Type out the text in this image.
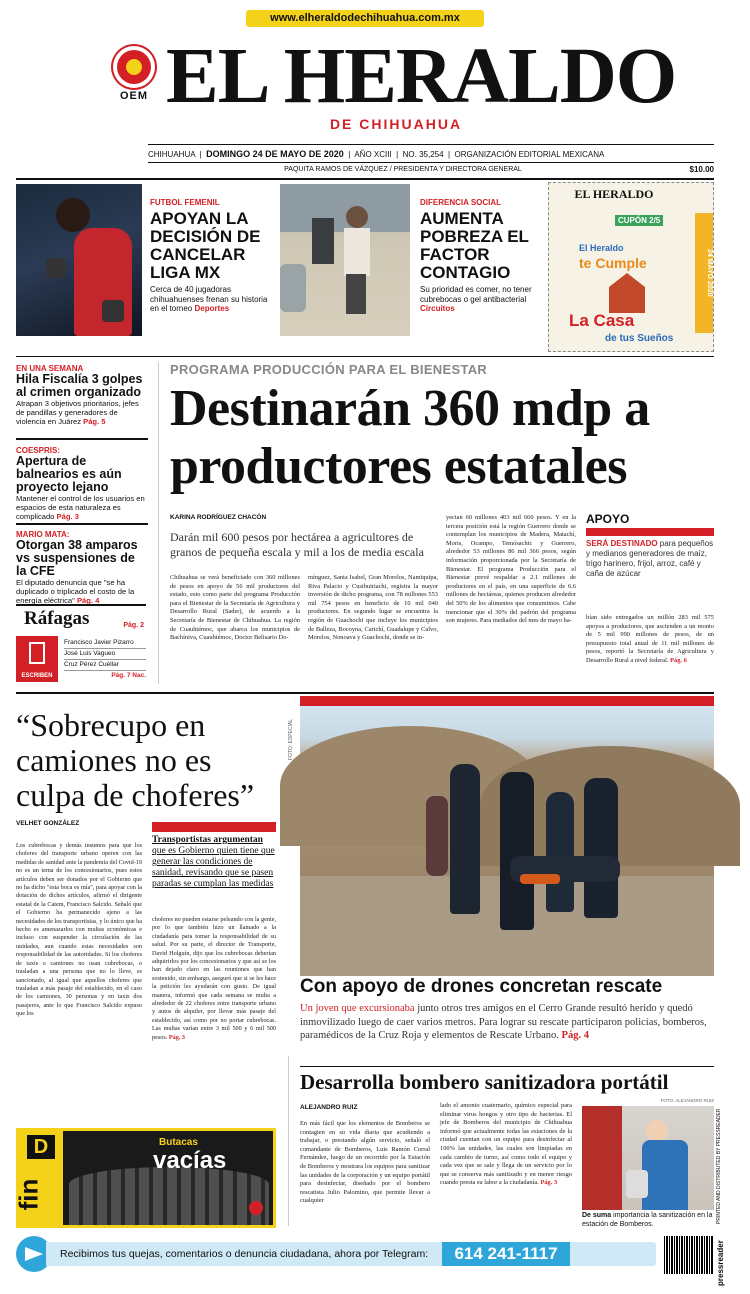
www.elheraldodechihuahua.com.mx
OEM EL HERALDO
DE CHIHUAHUA
CHIHUAHUA  |  DOMINGO 24 DE MAYO DE 2020  |  AÑO XCIII  |  NO. 35,254  |  ORGANIZACIÓN EDITORIAL MEXICANA
PAQUITA RAMOS DE VÁZQUEZ / PRESIDENTA Y DIRECTORA GENERAL	$10.00
FUTBOL FEMENIL
APOYAN LA DECISIÓN DE CANCELAR LIGA MX
Cerca de 40 jugadoras chihuahuenses frenan su historia en el torneo Deportes
DIFERENCIA SOCIAL
AUMENTA POBREZA EL FACTOR CONTAGIO
Su prioridad es comer, no tener cubrebocas o gel antibacterial Circuitos
EL HERALDO
CUPÓN 2/5
El Heraldo
te Cumple
La Casa
de tus Sueños
24 MAYO 2020
EN UNA SEMANA
Hila Fiscalía 3 golpes al crimen organizado
Atrapan 3 objetivos prioritarios, jefes de pandillas y generadores de violencia en Juárez Pág. 5
COESPRIS:
Apertura de balnearios es aún proyecto lejano
Mantener el control de los usuarios en espacios de esta naturaleza es complicado Pág. 3
MARIO MATA:
Otorgan 38 amparos vs suspensiones de la CFE
El diputado denuncia que "se ha duplicado o triplicado el costo de la energía eléctrica" Pág. 4
Ráfagas	Pág. 2
ESCRIBEN
Francisco Javier Pizarro
José Luis Vagueo
Cruz Pérez Cuéllar
Pág. 7 Nac.
PROGRAMA PRODUCCIÓN PARA EL BIENESTAR
Destinarán 360 mdp a productores estatales
KARINA RODRÍGUEZ CHACÓN
Darán mil 600 pesos por hectárea a agricultores de granos de pequeña escala y mil a los de media escala
Chihuahua se verá beneficiado con 360 millones de pesos en apoyo de 56 mil productores del estado, esto como parte del programa Producción para el Bienestar de la Secretaría de Agricultura y Desarrollo Rural (Sader), de acuerdo a la Secretaría de Bienestar de Chihuahua. La región de Cuauhtémoc, que abarca los municipios de Bachíniva, Cuauhtémoc, Doctor Belisario Do-
mínguez, Santa Isabel, Gran Morelos, Namiquipa, Riva Palacio y Cusihuiriachi, registra la mayor inversión de dicho programa, con 78 millones 553 mil 754 pesos en beneficio de 10 mil 040 productores. En segundo lugar se encuentra la región de Guachochi que incluye los municipios de Balleza, Bocoyna, Carichí, Guadalupe y Calvo, Morelos, Nonoava y Guachochi, donde se in-
yectan 60 millones 403 mil 660 pesos. Y en la tercera posición está la región Guerrero donde se contemplan los municipios de Madera, Matachí, Moris, Ocampo, Temósachic y Guerrero, alrededor 53 millones 86 mil 366 pesos, según información proporcionada por la Secretaría de Bienestar. El programa Producción para el Bienestar prevé respaldar a 2.1 millones de productores en el país, en una superficie de 6.6 millones de hectáreas, quienes producen alrededor del 50% de los alimentos que consumimos. Cabe mencionar que el 30% del padrón del programa son mujeres. Para mediados del mes de mayo ha-
APOYO
SERÁ DESTINADO para pequeños y medianos generadores de maíz, trigo harinero, frijol, arroz, café y caña de azúcar
bían sido entregados un millón 283 mil 575 apoyos a productores, que ascienden a un monto de 5 mil 990 millones de pesos, de un presupuesto total anual de 11 mil millones de pesos, reportó la Secretaría de Agricultura y Desarrollo Rural a nivel federal. Pág. 6
“Sobrecupo en camiones no es culpa de choferes”
VELHET GONZÁLEZ
Los cubrebocas y demás insumos para que los choferes del transporte urbano operen con las medidas de sanidad ante la pandemia del Covid-19 no es un tema de los concesionarios, pues estos artículos deben ser donados por el Gobierno que no ha dicho "esta boca es mía", para apoyar con la dotación de dichos artículos, afirmó el dirigente estatal de la Catem, Francisco Salcido. Señaló que el Gobierno ha permanecido ajeno a las necesidades de los transportistas, y lo único que ha hecho es amenazarlos con multas económicas e incluso con suspender la circulación de las unidades, aun cuando estas necesidades son responsabilidad de las autoridades. Si los choferes de taxis o camiones no usan cubrebocas, o trasladan a una persona que no lo lleve, es sancionado, al igual que aquellos choferes que trasladan a más pasaje del establecido, en el caso de los camiones, 30 personas y en taxis dos pasajeros, ante lo que Francisco Salcido expuso que los
Transportistas argumentan que es Gobierno quien tiene que generar las condiciones de sanidad, revisando que se pasen paradas se cumplan las medidas
choferes no pueden estarse peleando con la gente, por lo que también hizo un llamado a la ciudadanía para tomar la responsabilidad de su salud. Por su parte, el director de Transporte, David Holguín, dijo que los cubrebocas deberían adquirirlos por los concesionarios y que así se los han dejado claro en las reuniones que han sostenido, sin embargo, aseguró que si se les hace la petición les ayudarán con gusto. De igual manera, informó que cada semana se multa a alrededor de 22 choferes entre transporte urbano y autos de alquiler, por llevar más pasaje del establecido, así como por no portar cubrebocas. Las multas varían entre 3 mil 500 y 6 mil 500 pesos. Pág. 3
FOTO: ESPECIAL
Con apoyo de drones concretan rescate
Un joven que excursionaba junto otros tres amigos en el Cerro Grande resultó herido y quedó inmovilizado luego de caer varios metros. Para lograr su rescate participaron policías, bomberos, paramédicos de la Cruz Roja y elementos de Rescate Urbano. Pág. 4
Desarrolla bombero sanitizadora portátil
ALEJANDRO RUIZ
FOTO: ALEJANDRO RUIZ
En más fácil que los elementos de Bomberos se contagien en su vida diaria que acudiendo a trabajar, o prestando algún servicio, señaló el comandante de Bomberos, Luis Ramón Corral Fernández, luego de un recorrido por la Estación de Bomberos y mostrara los equipos para sanitizar las unidades de la corporación y un equipo portátil para desinfectar, diseñado por el bombero rescatista Julio Palomino, que permite llevar a cualquier
lado el amonio cuaternario, químico especial para eliminar virus hongos y otro tipo de bacterias. El jefe de Bomberos del municipio de Chihuahua informó que actualmente todas las estaciones de la ciudad cuentan con un equipo para desinfectar al 100% las unidades, las cuales son limpiadas en cada cambio de turno, así como todo el equipo y cada vez que se sale y llega de un servicio por lo que se conserva más sanitizado y en menor riesgo cuando presta su labor a la ciudadanía. Pág. 3
De suma importancia la sanitización en la estación de Bomberos.
D
fin
Butacas
vacías	PRINTED AND DISTRIBUTED BY PRESSREADER
pressreader
Recibimos tus quejas, comentarios o denuncia ciudadana, ahora por Telegram:	614 241-1117
